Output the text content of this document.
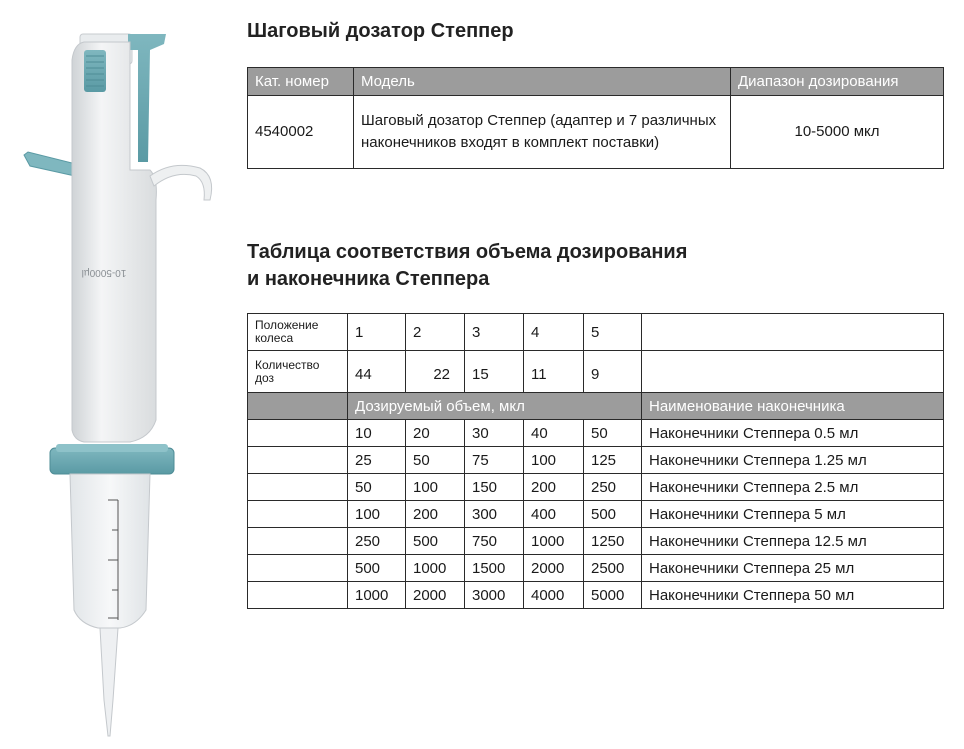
10-5000µl
Шаговый дозатор Степпер
Кат. номер	Модель	Диапазон дозирования
4540002	Шаговый дозатор Степпер (адаптер и 7 различных наконечников входят в комплект поставки)	10-5000 мкл
Таблица соответствия объема дозирования
и наконечника Степпера
Положение колеса	1	2	3	4	5	
Количество доз	44	22	15	11	9	
	Дозируемый объем, мкл					Наименование наконечника
	10	20	30	40	50	Наконечники Степпера 0.5 мл
	25	50	75	100	125	Наконечники Степпера 1.25 мл
	50	100	150	200	250	Наконечники Степпера 2.5 мл
	100	200	300	400	500	Наконечники Степпера 5 мл
	250	500	750	1000	1250	Наконечники Степпера 12.5 мл
	500	1000	1500	2000	2500	Наконечники Степпера 25 мл
	1000	2000	3000	4000	5000	Наконечники Степпера 50 мл
